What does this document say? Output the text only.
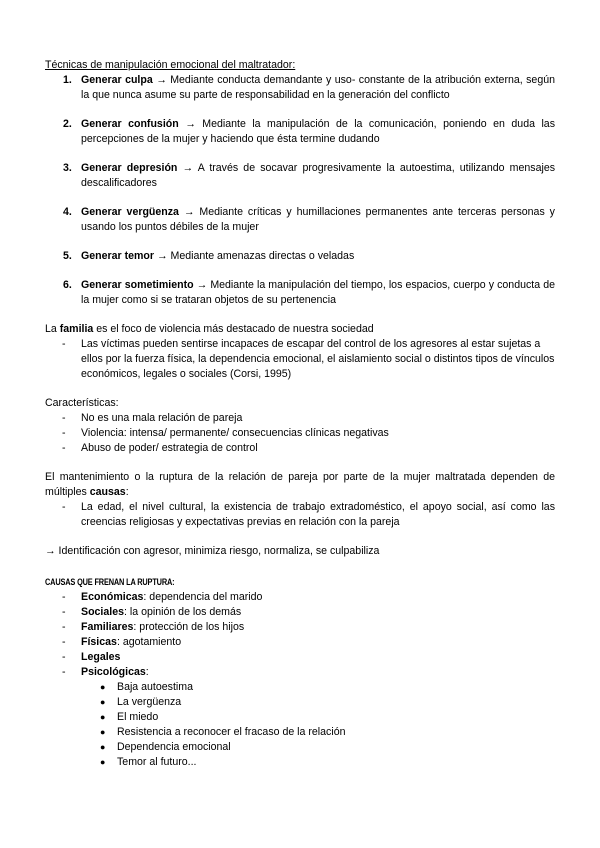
Técnicas de manipulación emocional del maltratador:
1. Generar culpa → Mediante conducta demandante y uso- constante de la atribución externa, según la que nunca asume su parte de responsabilidad en la generación del conflicto
2. Generar confusión → Mediante la manipulación de la comunicación, poniendo en duda las percepciones de la mujer y haciendo que ésta termine dudando
3. Generar depresión → A través de socavar progresivamente la autoestima, utilizando mensajes descalificadores
4. Generar vergüenza → Mediante críticas y humillaciones permanentes ante terceras personas y usando los puntos débiles de la mujer
5. Generar temor → Mediante amenazas directas o veladas
6. Generar sometimiento → Mediante la manipulación del tiempo, los espacios, cuerpo y conducta de la mujer como si se trataran objetos de su pertenencia
La familia es el foco de violencia más destacado de nuestra sociedad
- Las víctimas pueden sentirse incapaces de escapar del control de los agresores al estar sujetas a ellos por la fuerza física, la dependencia emocional, el aislamiento social o distintos tipos de vínculos económicos, legales o sociales (Corsi, 1995)
Características:
- No es una mala relación de pareja
- Violencia: intensa/ permanente/ consecuencias clínicas negativas
- Abuso de poder/ estrategia de control
El mantenimiento o la ruptura de la relación de pareja por parte de la mujer maltratada dependen de múltiples causas:
- La edad, el nivel cultural, la existencia de trabajo extradoméstico, el apoyo social, así como las creencias religiosas y expectativas previas en relación con la pareja
→ Identificación con agresor, minimiza riesgo, normaliza, se culpabiliza
CAUSAS QUE FRENAN LA RUPTURA:
- Económicas: dependencia del marido
- Sociales: la opinión de los demás
- Familiares: protección de los hijos
- Físicas: agotamiento
- Legales
- Psicológicas:
● Baja autoestima
● La vergüenza
● El miedo
● Resistencia a reconocer el fracaso de la relación
● Dependencia emocional
● Temor al futuro...
